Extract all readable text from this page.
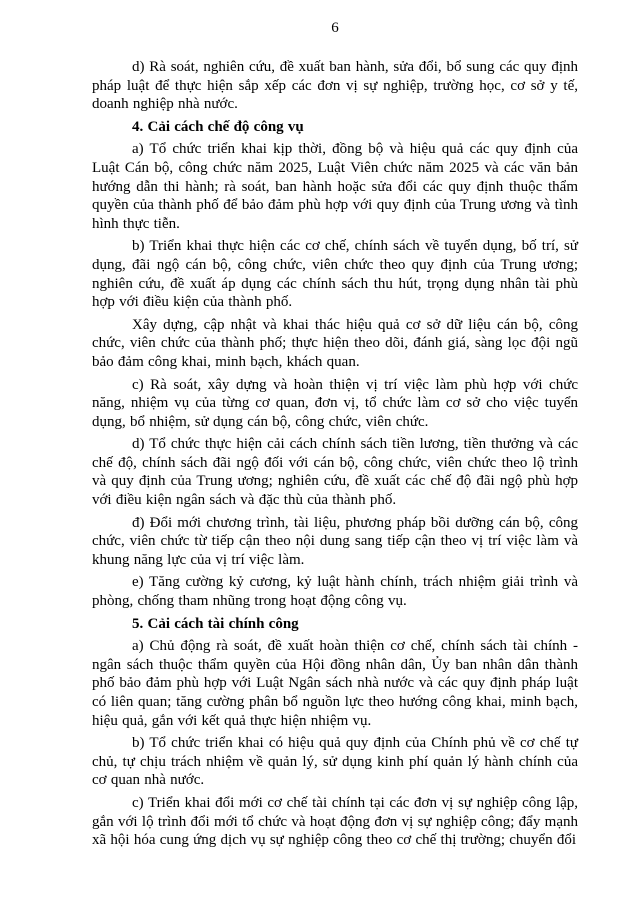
6

d) Rà soát, nghiên cứu, đề xuất ban hành, sửa đổi, bổ sung các quy định pháp luật để thực hiện sắp xếp các đơn vị sự nghiệp, trường học, cơ sở y tế, doanh nghiệp nhà nước.

4. Cải cách chế độ công vụ

a) Tổ chức triển khai kịp thời, đồng bộ và hiệu quả các quy định của Luật Cán bộ, công chức năm 2025, Luật Viên chức năm 2025 và các văn bản hướng dẫn thi hành; rà soát, ban hành hoặc sửa đổi các quy định thuộc thẩm quyền của thành phố để bảo đảm phù hợp với quy định của Trung ương và tình hình thực tiễn.

b) Triển khai thực hiện các cơ chế, chính sách về tuyển dụng, bố trí, sử dụng, đãi ngộ cán bộ, công chức, viên chức theo quy định của Trung ương; nghiên cứu, đề xuất áp dụng các chính sách thu hút, trọng dụng nhân tài phù hợp với điều kiện của thành phố.

Xây dựng, cập nhật và khai thác hiệu quả cơ sở dữ liệu cán bộ, công chức, viên chức của thành phố; thực hiện theo dõi, đánh giá, sàng lọc đội ngũ bảo đảm công khai, minh bạch, khách quan.

c) Rà soát, xây dựng và hoàn thiện vị trí việc làm phù hợp với chức năng, nhiệm vụ của từng cơ quan, đơn vị, tổ chức làm cơ sở cho việc tuyển dụng, bổ nhiệm, sử dụng cán bộ, công chức, viên chức.

d) Tổ chức thực hiện cải cách chính sách tiền lương, tiền thưởng và các chế độ, chính sách đãi ngộ đối với cán bộ, công chức, viên chức theo lộ trình và quy định của Trung ương; nghiên cứu, đề xuất các chế độ đãi ngộ phù hợp với điều kiện ngân sách và đặc thù của thành phố.

đ) Đổi mới chương trình, tài liệu, phương pháp bồi dưỡng cán bộ, công chức, viên chức từ tiếp cận theo nội dung sang tiếp cận theo vị trí việc làm và khung năng lực của vị trí việc làm.

e) Tăng cường kỷ cương, kỷ luật hành chính, trách nhiệm giải trình và phòng, chống tham nhũng trong hoạt động công vụ.

5. Cải cách tài chính công

a) Chủ động rà soát, đề xuất hoàn thiện cơ chế, chính sách tài chính - ngân sách thuộc thẩm quyền của Hội đồng nhân dân, Ủy ban nhân dân thành phố bảo đảm phù hợp với Luật Ngân sách nhà nước và các quy định pháp luật có liên quan; tăng cường phân bổ nguồn lực theo hướng công khai, minh bạch, hiệu quả, gắn với kết quả thực hiện nhiệm vụ.

b) Tổ chức triển khai có hiệu quả quy định của Chính phủ về cơ chế tự chủ, tự chịu trách nhiệm về quản lý, sử dụng kinh phí quản lý hành chính của cơ quan nhà nước.

c) Triển khai đổi mới cơ chế tài chính tại các đơn vị sự nghiệp công lập, gắn với lộ trình đổi mới tổ chức và hoạt động đơn vị sự nghiệp công; đẩy mạnh xã hội hóa cung ứng dịch vụ sự nghiệp công theo cơ chế thị trường; chuyển đổi
